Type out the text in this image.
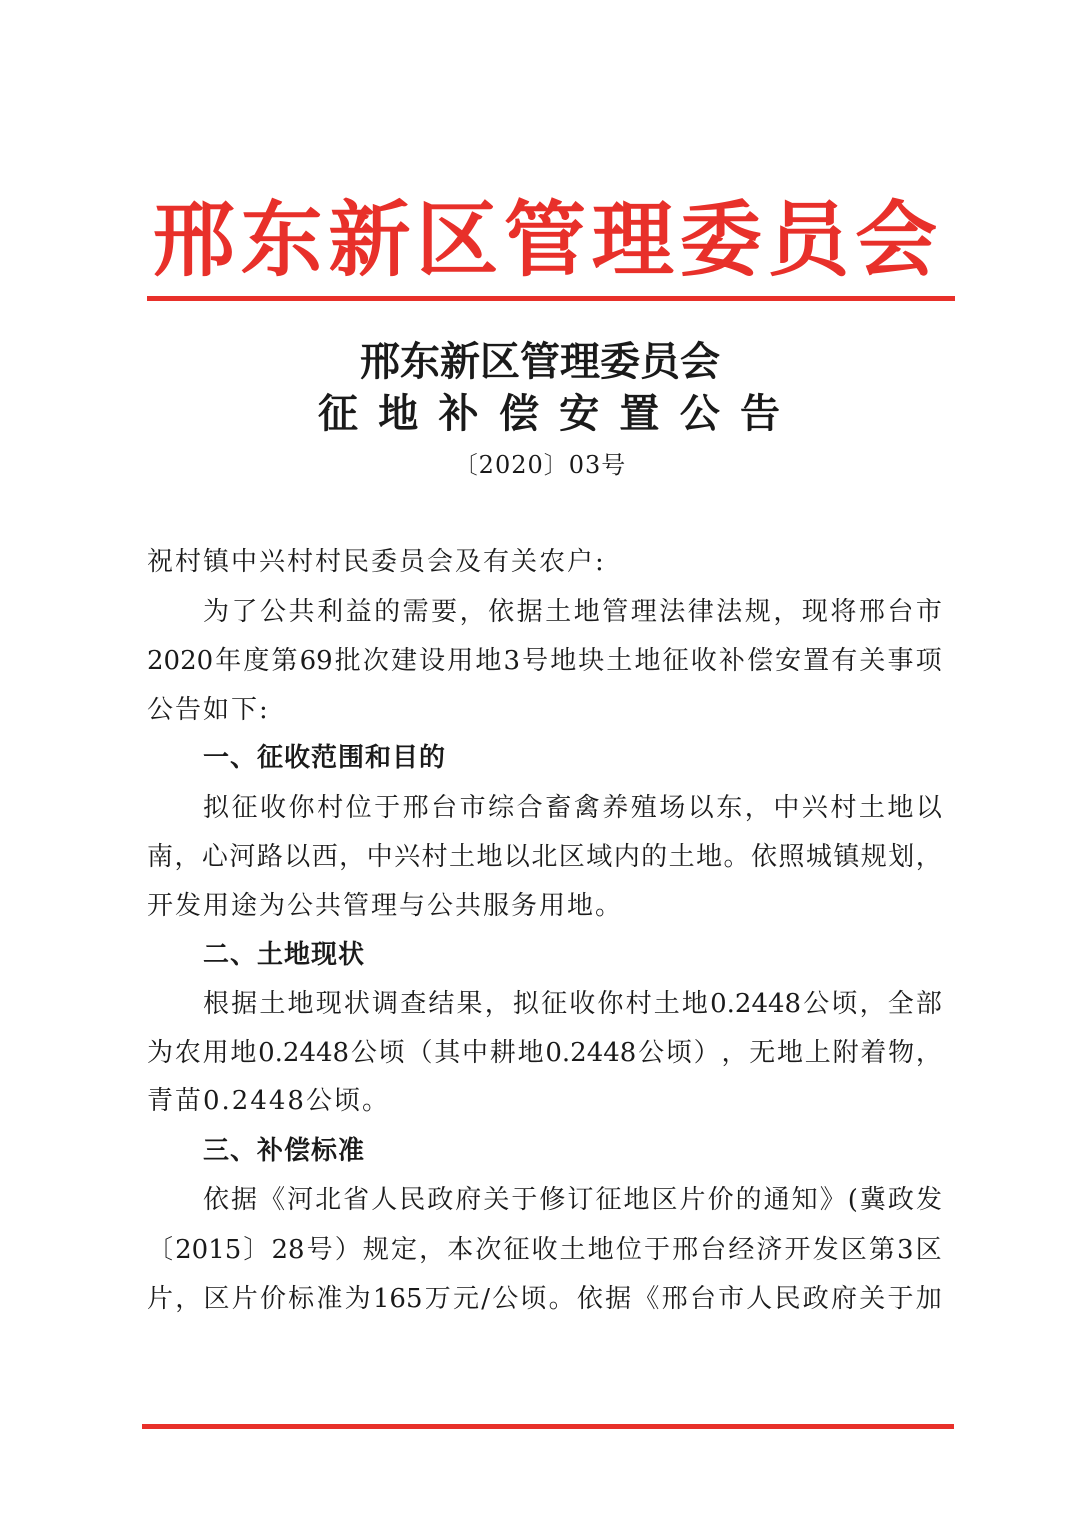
邢 东 新 区 管 理 委 员 会
邢东新区管理委员会
征 地 补 偿 安 置 公 告
〔2020〕03号
祝村镇中兴村村民委员会及有关农户:
为 了 公 共 利 益 的 需 要 ， 依 据 土 地 管 理 法 律 法 规 ， 现 将 邢 台 市
2020 年 度 第 69 批 次 建 设 用 地 3 号 地 块 土 地 征 收 补 偿 安 置 有 关 事 项
公告如下:
一、征收范围和目的
拟 征 收 你 村 位 于 邢 台 市 综 合 畜 禽 养 殖 场 以 东 ， 中 兴 村 土 地 以
南 ， 心 河 路 以 西 ， 中 兴 村 土 地 以 北 区 域 内 的 土 地 。 依 照 城 镇 规 划 ，
开发用途为公共管理与公共服务用地。
二、土地现状
根 据 土 地 现 状 调 查 结 果 ， 拟 征 收 你 村 土 地 0.2448 公 顷 ， 全 部
为 农 用 地 0.2448 公 顷 （ 其 中 耕 地 0.2448 公 顷 ） ， 无 地 上 附 着 物 ，
青苗0.2448公顷。
三、补偿标准
依 据 《 河 北 省 人 民 政 府 关 于 修 订 征 地 区 片 价 的 通 知 》 ( 冀 政 发
〔 2015 〕 28 号 ） 规 定 ， 本 次 征 收 土 地 位 于 邢 台 经 济 开 发 区 第 3 区
片 ， 区 片 价 标 准 为 165 万 元 / 公 顷 。 依 据 《 邢 台 市 人 民 政 府 关 于 加
